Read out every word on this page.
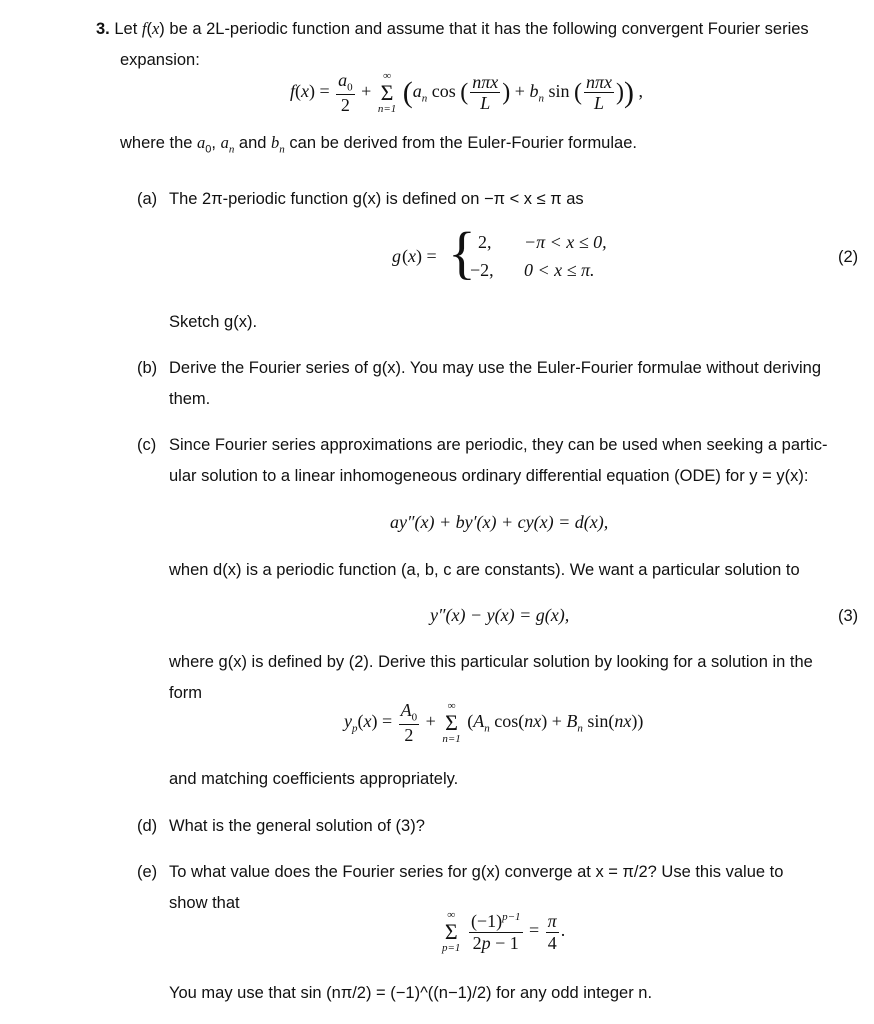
3. Let f(x) be a 2L-periodic function and assume that it has the following convergent Fourier series
expansion:
$f(x) = \frac{a_0}{2}$ +
∞
Σ
n=1 ($a_n$ cos ( $\frac{\text{nπx}}{L}$ ) + $b_n$ sin ( $\frac{\text{nπx}}{L}$ )) ,
where the $a_0$, $a_n$ and $b_n$ can be derived from the Euler-Fourier formulae.
(a) The 2π-periodic function g(x) is defined on −π < x ≤ π as
g (x) = { 2, −π < x ≤ 0,
−2, 0 < x ≤ π.
(2)
Sketch g(x).
(b) Derive the Fourier series of g(x). You may use the Euler-Fourier formulae without deriving
them.
(c) Since Fourier series approximations are periodic, they can be used when seeking a partic-
ular solution to a linear inhomogeneous ordinary differential equation (ODE) for y = y(x):
ay″(x) + by′(x) + cy(x) = d(x),
when d(x) is a periodic function (a, b, c are constants). We want a particular solution to
y″(x) − y(x) = g(x),	(3)
where g(x) is defined by (2). Derive this particular solution by looking for a solution in the
form
$y_p(x) = \frac{A_0}{2}$ +
∞
Σ
n=1
($A_n$ $\cos(nx) + B_n$ sin(nx))
and matching coefficients appropriately.
(d) What is the general solution of (3)?
(e) To what value does the Fourier series for g(x) converge at x = π/2? Use this value to
show that
∞
Σ
p=1
$\frac{(-1)^{p-1}}{2p - 1} = \frac{\pi}{4}$ .
You may use that sin (nπ/2) = (−1)^((n−1)/2) for any odd integer n.
